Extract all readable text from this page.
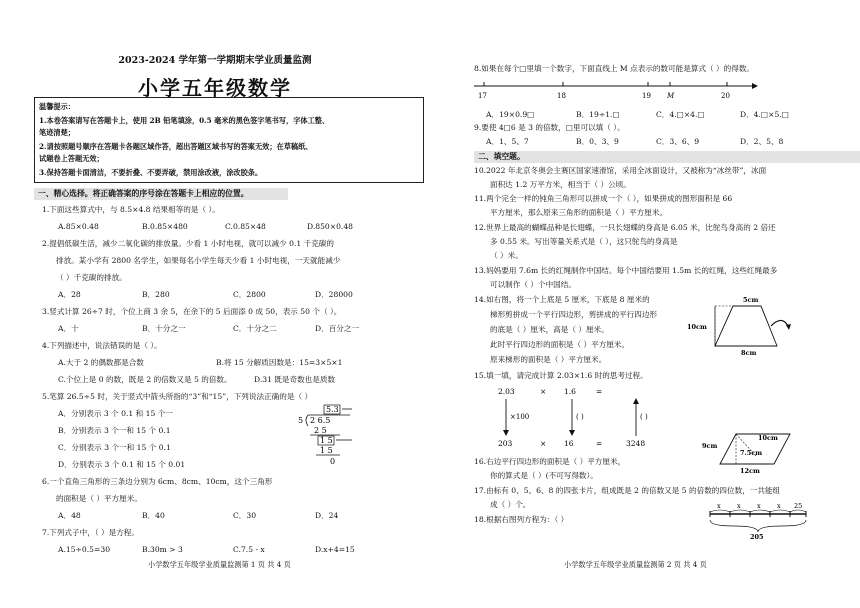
2023-2024 学年第一学期期末学业质量监测
小学五年级数学
温馨提示：
1.本卷答案请写在答题卡上，使用 2B 铅笔填涂，0.5 毫米的黑色签字笔书写，字体工整、
笔迹清楚；
2.请按照题号顺序在答题卡各题区域作答，超出答题区域书写的答案无效；在草稿纸、
试题卷上答题无效；
3.保持答题卡面清洁，不要折叠、不要弄破，禁用涂改液，涂改胶条。
一、精心选择。将正确答案的序号涂在答题卡上相应的位置。
1.下面这些算式中，与 8.5×4.8 结果相等的是（ ）。
A.85×0.48	B.0.85×480	C.0.85×48	D.850×0.48
2.提倡低碳生活，减少二氧化碳的排放量。少看 1 小时电视，就可以减少 0.1 千克碳的
排放。某小学有 2800 名学生，如果每名小学生每天少看 1 小时电视，一天就能减少
（ ）千克碳的排放。
A．28	B．280	C．2800	D．28000
3.竖式计算 26÷7 时，个位上商 3 余 5，在余下的 5 后面添 0 成 50，表示 50 个（ ）。
A．十	B．十分之一	C．十分之二	D．百分之一
4.下列描述中，说法错误的是（ ）。
A.大于 2 的偶数都是合数	B.将 15 分解质因数是：15=3×5×1
C.个位上是 0 的数，既是 2 的倍数又是 5 的倍数。	D.31 既是奇数也是质数
5.笔算 26.5÷5 时，关于竖式中箭头所指的“3”和“15”，下列说法正确的是（ ）
A．分别表示 3 个 0.1 和 15 个一
B．分别表示 3 个一和 15 个 0.1
C．分别表示 3 个一和 15 个 0.1
D．分别表示 3 个 0.1 和 15 个 0.01
5.3
5 2 6.5
2 5
1 5
1 5
0
6.一个直角三角形的三条边分别为 6cm、8cm、10cm，这个三角形
的面积是（ ）平方厘米。
A．48	B．40	C．30	D．24
7.下列式子中，（ ）是方程。
A.15÷0.5=30	B.30m > 3	C.7.5 - x	D.x+4=15
小学数学五年级学业质量监测第 1 页 共 4 页
8.如果在每个□里填一个数字，下面直线上 M 点表示的数可能是算式（ ）的得数。
17	18	19 M	20
A．19×0.9□	B．19÷1.□	C．4.□×4.□	D．4.□×5.□
9.要使 4□6 是 3 的倍数，□里可以填（ ）。
A．1、5、7	B．0、3、9	C．3、6、9	D．2、5、8
二、填空题。
10.2022 年北京冬奥会主赛区国家速滑馆，采用全冰面设计，又被称为“冰丝带”，冰面
面积达 1.2 万平方米，相当于（ ）公顷。
11.两个完全一样的钝角三角形可以拼成一个（ ），如果拼成的图形面积是 66
平方厘米，那么原来三角形的面积是（ ）平方厘米。
12.世界上最高的蝴蝶品种是长翅蝶，一只长翅蝶的身高是 6.05 米，比鸵鸟身高的 2 倍还
多 0.55 米。写出等量关系式是（ ），这只鸵鸟的身高是
（ ）米。
13.妈妈要用 7.6m 长的红绳制作中国结。每个中国结要用 1.5m 长的红绳，这些红绳最多
可以制作（ ）个中国结。
14.如右图，将一个上底是 5 厘米，下底是 8 厘米的
梯形剪拼成一个平行四边形，剪拼成的平行四边形
的底是（ ）厘米，高是（ ）厘米。
此时平行四边形的面积是（ ）平方厘米。
原来梯形的面积是（ ）平方厘米。
5cm
10cm
8cm
15.填一填，请完成计算 2.03×1.6 时的思考过程。
2.03	× 1.6	=
×100	( )	( )
203	× 16	=	3248
10cm
9cm
7.5cm
12cm
16.右边平行四边形的面积是（ ）平方厘米，
你的算式是（ ）(不可写得数）。
17.由标有 0、5、6、8 的四张卡片，组成既是 2 的倍数又是 5 的倍数的四位数，一共能组
成（ ）个。
18.根据右图列方程为：（ ）
x	x	x	x 25
205
小学数学五年级学业质量监测第 2 页 共 4 页
